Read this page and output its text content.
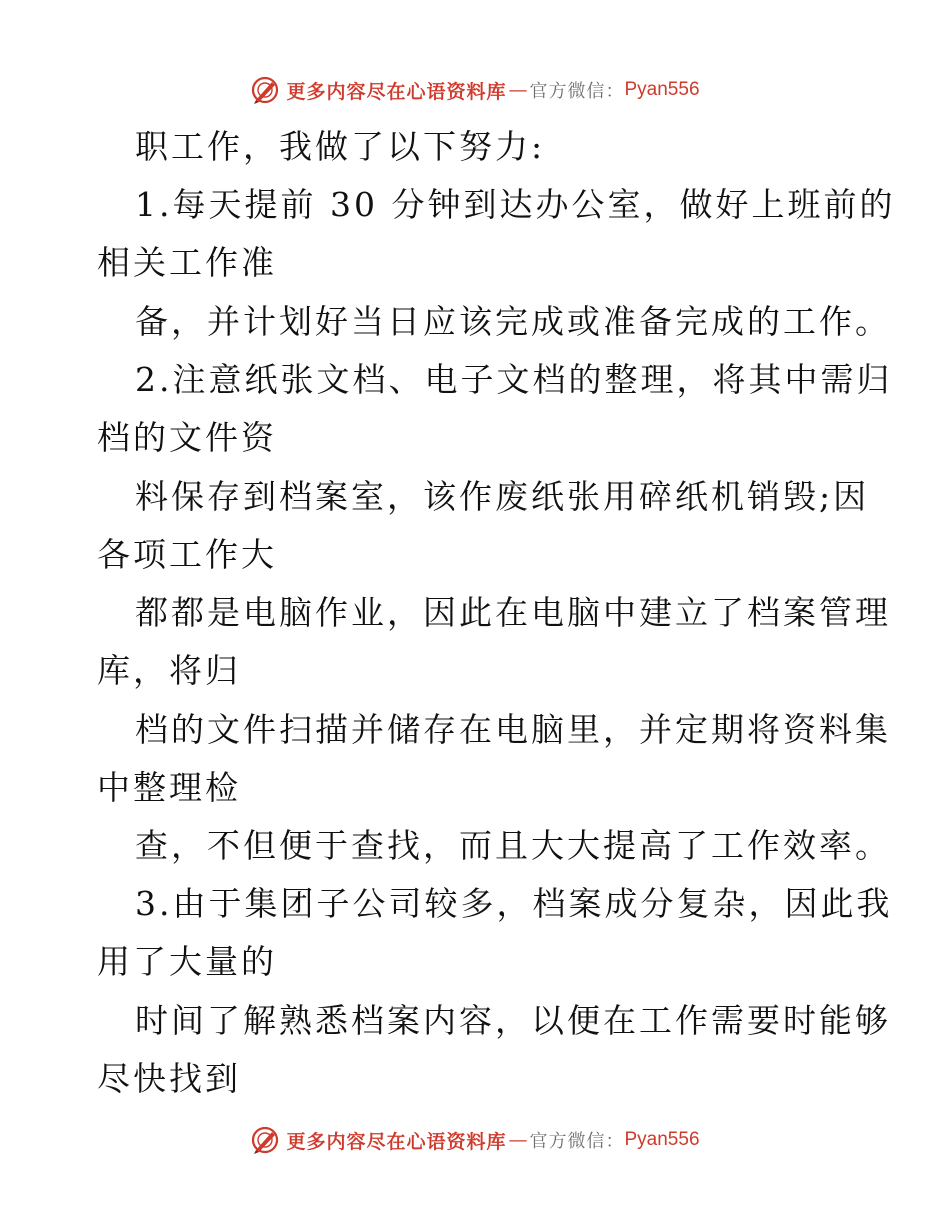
更多内容尽在心语资料库 — 官方微信： Pyan556
职工作，我做了以下努力:
1.每天提前 30 分钟到达办公室，做好上班前的
相关工作准
备，并计划好当日应该完成或准备完成的工作。
2.注意纸张文档、电子文档的整理，将其中需归
档的文件资
料保存到档案室，该作废纸张用碎纸机销毁;因
各项工作大
都都是电脑作业，因此在电脑中建立了档案管理
库，将归
档的文件扫描并储存在电脑里，并定期将资料集
中整理检
查，不但便于查找，而且大大提高了工作效率。
3.由于集团子公司较多，档案成分复杂，因此我
用了大量的
时间了解熟悉档案内容，以便在工作需要时能够
尽快找到
更多内容尽在心语资料库 — 官方微信： Pyan556
